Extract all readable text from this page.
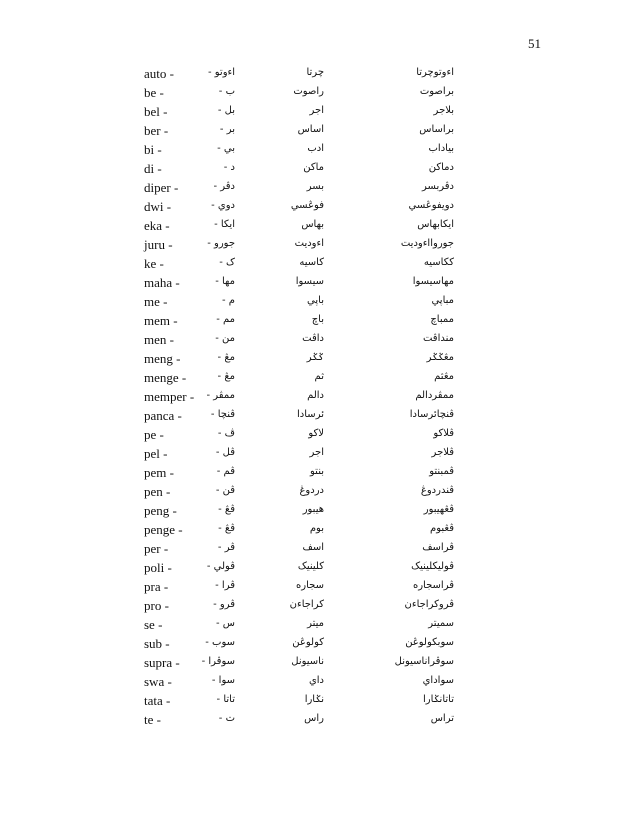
51
auto -	اءوتو -	چرتا	اءوتوچرتا
be -	ب -	راصوت	براصوت
bel -	بل -	اجر	بلاجر
ber -	بر -	اساس	براساس
bi -	بي -	ادب	بياداب
di -	د -	ماكن	دماكن
diper -	دڤر -	بسر	دڤربسر
dwi -	دوي -	فوڠسي	دويفوڠسي
eka -	ايكا -	بهاس	ايكابهاس
juru -	جورو -	اءوديت	جوروااءوديت
ke -	ک -	كاسيه	ككاسيه
maha -	مها -	سيسوا	مهاسيسوا
me -	م -	باپي	مباپي
mem -	مم -	باچ	ممباچ
men -	من -	داڤت	منداڤت
meng -	مڠ -	ݢݢر	مڠݢݢر
menge -	مڠ -	ثم	مڠثم
memper - ممڤر -	دالم	ممڤردالم
panca -	ڤنچا -	ئرسادا	ڤنچائرسادا
pe -	ڤ -	لاكو	ڤلاكو
pel -	ڤل -	اجر	ڤلاجر
pem -	ڤم -	بنتو	ڤمبنتو
pen -	ڤن -	دردوڠ	ڤندردوڠ
peng -	ڤڠ -	هيبور	ڤڠهيبور
penge -	ڤڠ -	بوم	ڤڠبوم
per -	ڤر -	اسف	ڤراسف
poli -	ڤولي -	كلينيک	ڤوليكلينيک
pra -	ڤرا -	سجاره	ڤراسجاره
pro -	ڤرو -	كراجاءن	ڤروكراجاءن
se -	س -	ميتر	سميتر
sub -	سوب -	كولوڠن	سوبكولوڠن
supra - سوڤرا -	ناسيونل	سوڤراناسيونل
swa -	سوا -	داي	سواداي
tata -	تاتا -	نݢارا	تاتانݢارا
te -	ت -	راس	تراس
